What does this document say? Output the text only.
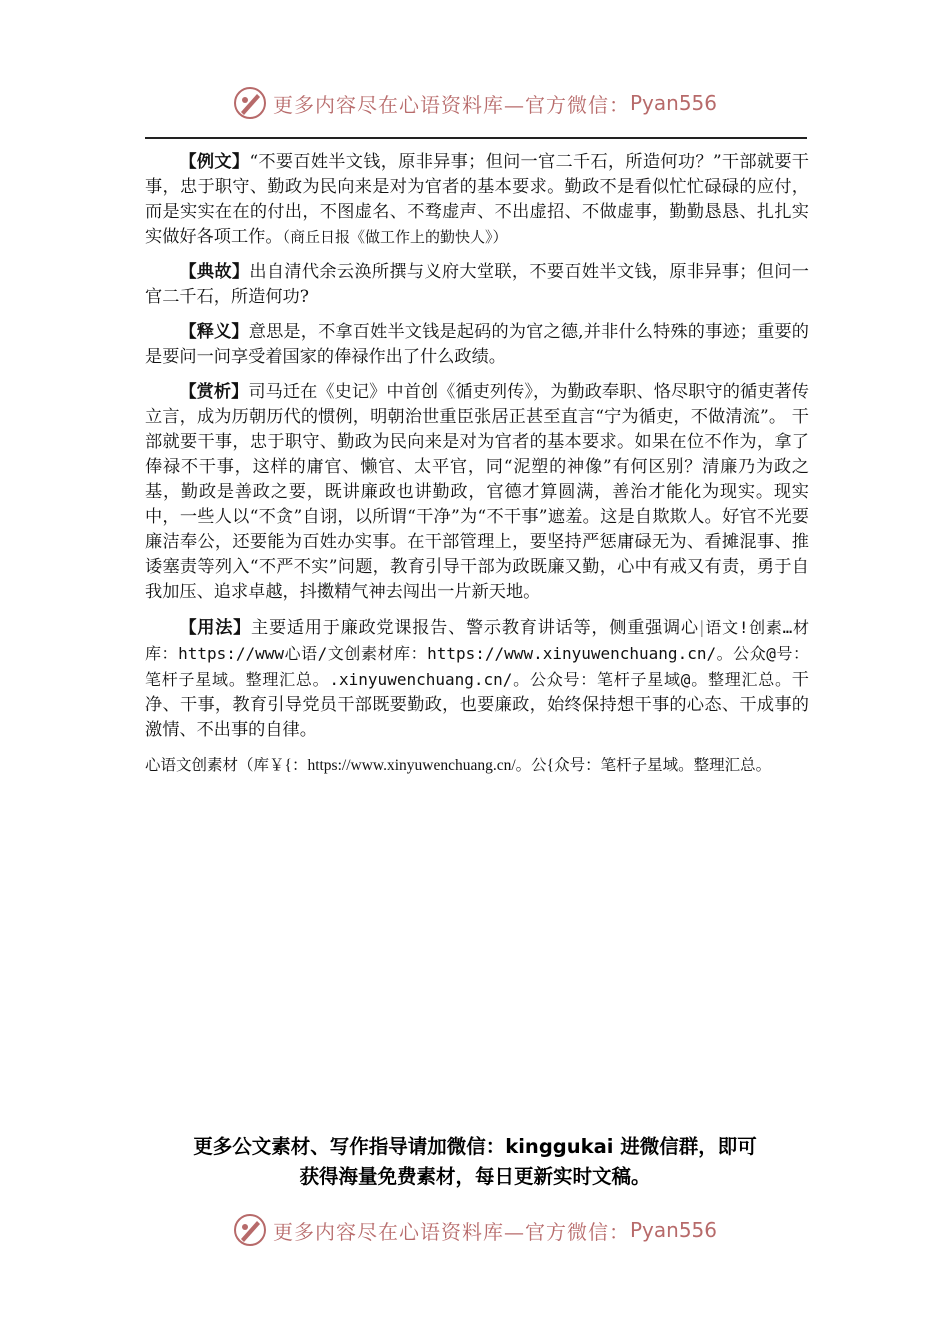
更多内容尽在心语资料库—官方微信： Pyan556

【例文】“不要百姓半文钱，原非异事；但问一官二千石，所造何功？”干部就要干事，忠于职守、勤政为民向来是对为官者的基本要求。勤政不是看似忙忙碌碌的应付，而是实实在在的付出，不图虚名、不骛虚声、不出虚招、不做虚事，勤勤恳恳、扎扎实实做好各项工作。（商丘日报《做工作上的勤快人》）

【典故】出自清代余云涣所撰与义府大堂联，不要百姓半文钱，原非异事；但问一官二千石，所造何功?

【释义】意思是，不拿百姓半文钱是起码的为官之德,并非什么特殊的事迹；重要的是要问一问享受着国家的俸禄作出了什么政绩。

【赏析】司马迁在《史记》中首创《循吏列传》，为勤政奉职、恪尽职守的循吏著传立言，成为历朝历代的惯例，明朝治世重臣张居正甚至直言“宁为循吏，不做清流”。 干部就要干事，忠于职守、勤政为民向来是对为官者的基本要求。如果在位不作为，拿了俸禄不干事，这样的庸官、懒官、太平官，同“泥塑的神像”有何区别？清廉乃为政之基，勤政是善政之要，既讲廉政也讲勤政，官德才算圆满，善治才能化为现实。现实中，一些人以“不贪”自诩，以所谓“干净”为“不干事”遮羞。这是自欺欺人。好官不光要廉洁奉公，还要能为百姓办实事。在干部管理上，要坚持严惩庸碌无为、看摊混事、推诿塞责等列入“不严不实”问题，教育引导干部为政既廉又勤，心中有戒又有责，勇于自我加压、追求卓越，抖擞精气神去闯出一片新天地。

【用法】主要适用于廉政党课报告、警示教育讲话等，侧重强调心|语文!创素…材库：https://www心语/文创素材库：https://www.xinyuwenchuang.cn/。公众@号：笔杆子星域。整理汇总。.xinyuwenchuang.cn/。公众号：笔杆子星域@。整理汇总。干净、干事，教育引导党员干部既要勤政，也要廉政，始终保持想干事的心态、干成事的激情、不出事的自律。

心语文创素材（库￥{：https://www.xinyuwenchuang.cn/。公{众号：笔杆子星域。整理汇总。
更多公文素材、写作指导请加微信：kinggukai 进微信群，即可
获得海量免费素材，每日更新实时文稿。
更多内容尽在心语资料库—官方微信： Pyan556
